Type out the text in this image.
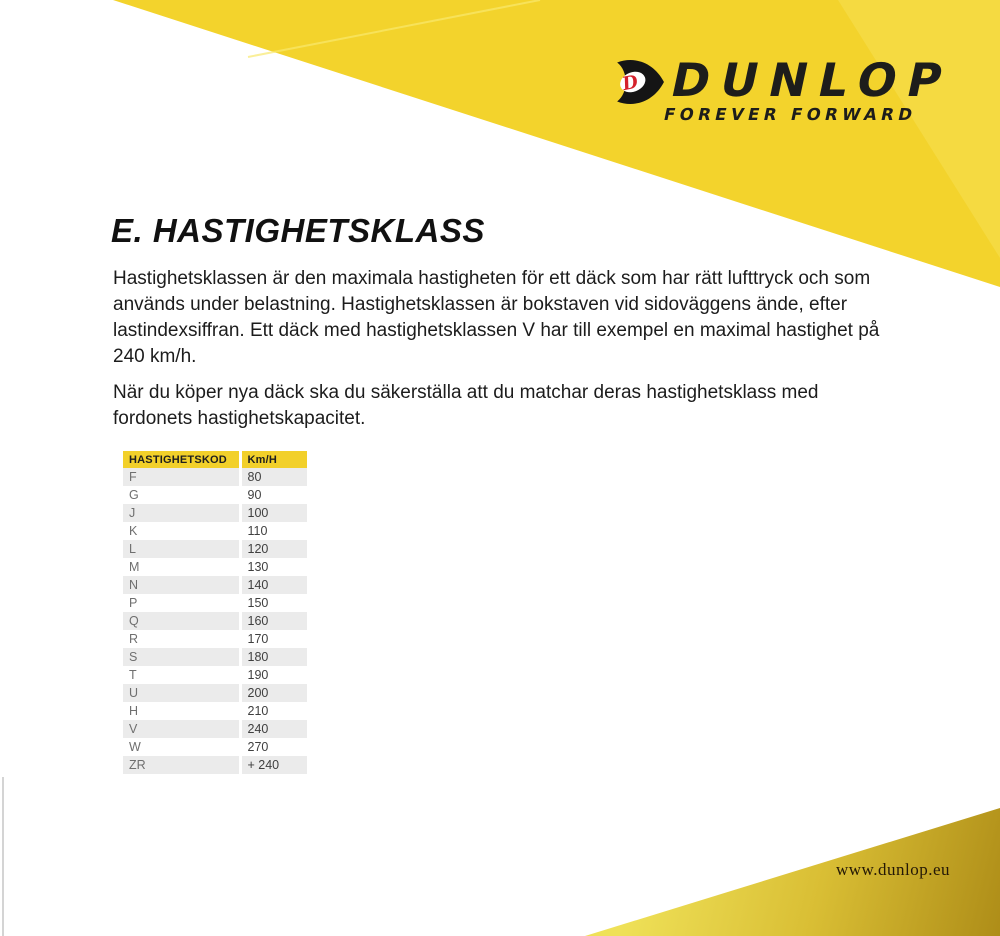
D DUNLOP
FOREVER FORWARD
E. HASTIGHETSKLASS

Hastighetsklassen är den maximala hastigheten för ett däck som har rätt lufttryck och som används under belastning. Hastighetsklassen är bokstaven vid sidoväggens ände, efter lastindexsiffran. Ett däck med hastighetsklassen V har till exempel en maximal hastighet på 240 km/h.

När du köper nya däck ska du säkerställa att du matchar deras hastighetsklass med fordonets hastighetskapacitet.

HASTIGHETSKOD	Km/H
F	80
G	90
J	100
K	110
L	120
M	130
N	140
P	150
Q	160
R	170
S	180
T	190
U	200
H	210
V	240
W	270
ZR	+ 240
www.dunlop.eu
